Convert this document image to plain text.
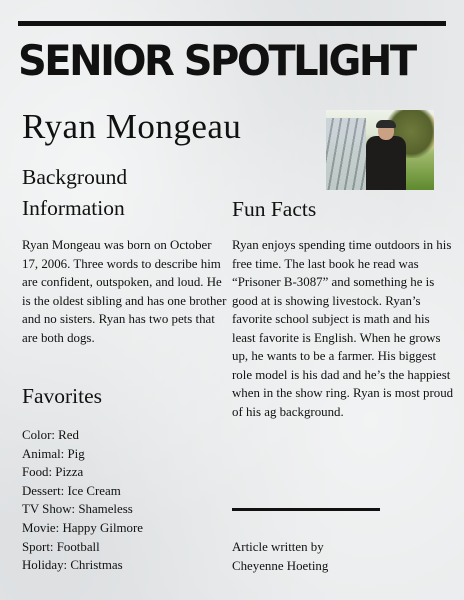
SENIOR SPOTLIGHT
Ryan Mongeau
Background Information
Ryan Mongeau was born on October 17, 2006. Three words to describe him are confident, outspoken, and loud. He is the oldest sibling and has one brother and no sisters. Ryan has two pets that are both dogs.
Fun Facts
Ryan enjoys spending time outdoors in his free time. The last book he read was “Prisoner B-3087” and something he is good at is showing livestock. Ryan’s favorite school subject is math and his least favorite is English. When he grows up, he wants to be a farmer. His biggest role model is his dad and he’s the happiest when in the show ring. Ryan is most proud of his ag background.
Favorites
Color: Red
Animal: Pig
Food: Pizza
Dessert: Ice Cream
TV Show: Shameless
Movie: Happy Gilmore
Sport: Football
Holiday: Christmas
Article written by
Cheyenne Hoeting
